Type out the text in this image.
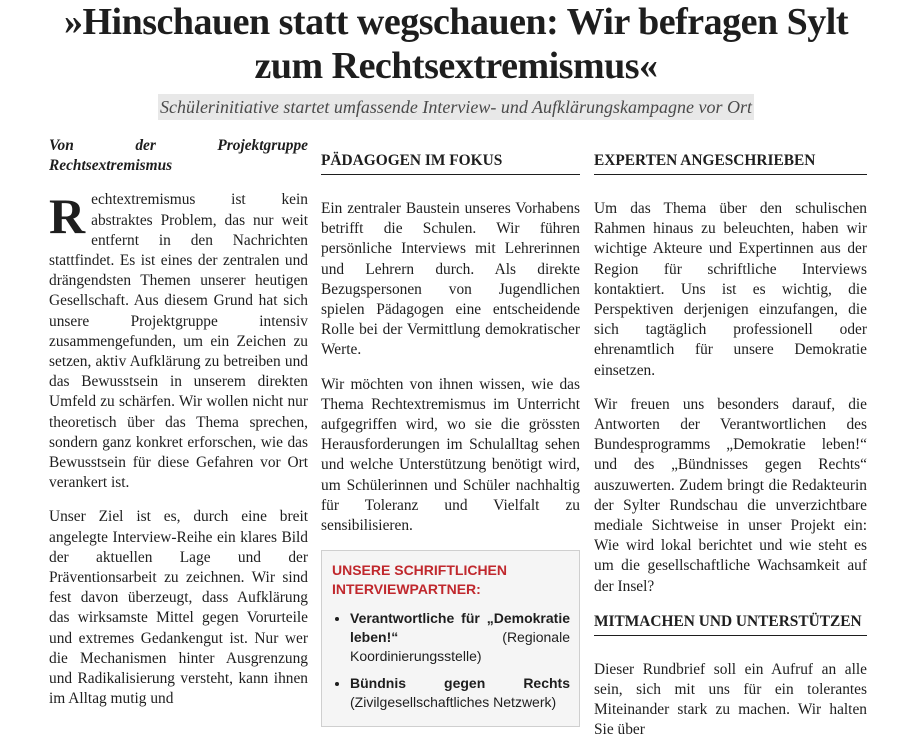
»Hinschauen statt wegschauen: Wir befragen Sylt zum Rechtsextremismus«
Schülerinitiative startet umfassende Interview- und Aufklärungskampagne vor Ort

Von der Projektgruppe Rechtsextremismus

Rechtextremismus ist kein abstraktes Problem, das nur weit entfernt in den Nachrichten stattfindet. Es ist eines der zentralen und drängendsten Themen unserer heutigen Gesellschaft. Aus diesem Grund hat sich unsere Projektgruppe intensiv zusammengefunden, um ein Zeichen zu setzen, aktiv Aufklärung zu betreiben und das Bewusstsein in unserem direkten Umfeld zu schärfen. Wir wollen nicht nur theoretisch über das Thema sprechen, sondern ganz konkret erforschen, wie das Bewusstsein für diese Gefahren vor Ort verankert ist.

Unser Ziel ist es, durch eine breit angelegte Interview-Reihe ein klares Bild der aktuellen Lage und der Präventionsarbeit zu zeichnen. Wir sind fest davon überzeugt, dass Aufklärung das wirksamste Mittel gegen Vorurteile und extremes Gedankengut ist. Nur wer die Mechanismen hinter Ausgrenzung und Radikalisierung versteht, kann ihnen im Alltag mutig und

PÄDAGOGEN IM FOKUS

Ein zentraler Baustein unseres Vorhabens betrifft die Schulen. Wir führen persönliche Interviews mit Lehrerinnen und Lehrern durch. Als direkte Bezugspersonen von Jugendlichen spielen Pädagogen eine entscheidende Rolle bei der Vermittlung demokratischer Werte.

Wir möchten von ihnen wissen, wie das Thema Rechtextremismus im Unterricht aufgegriffen wird, wo sie die grössten Herausforderungen im Schulalltag sehen und welche Unterstützung benötigt wird, um Schülerinnen und Schüler nachhaltig für Toleranz und Vielfalt zu sensibilisieren.

UNSERE SCHRIFTLICHEN INTERVIEWPARTNER:
• Verantwortliche für „Demokratie leben!“ (Regionale Koordinierungsstelle)
• Bündnis gegen Rechts (Zivilgesellschaftliches Netzwerk)
EXPERTEN ANGESCHRIEBEN

Um das Thema über den schulischen Rahmen hinaus zu beleuchten, haben wir wichtige Akteure und Expertinnen aus der Region für schriftliche Interviews kontaktiert. Uns ist es wichtig, die Perspektiven derjenigen einzufangen, die sich tagtäglich professionell oder ehrenamtlich für unsere Demokratie einsetzen.

Wir freuen uns besonders darauf, die Antworten der Verantwortlichen des Bundesprogramms „Demokratie leben!“ und des „Bündnisses gegen Rechts“ auszuwerten. Zudem bringt die Redakteurin der Sylter Rundschau die unverzichtbare mediale Sichtweise in unser Projekt ein: Wie wird lokal berichtet und wie steht es um die gesellschaftliche Wachsamkeit auf der Insel?

MITMACHEN UND UNTERSTÜTZEN

Dieser Rundbrief soll ein Aufruf an alle sein, sich mit uns für ein tolerantes Miteinander stark zu machen. Wir halten Sie über
